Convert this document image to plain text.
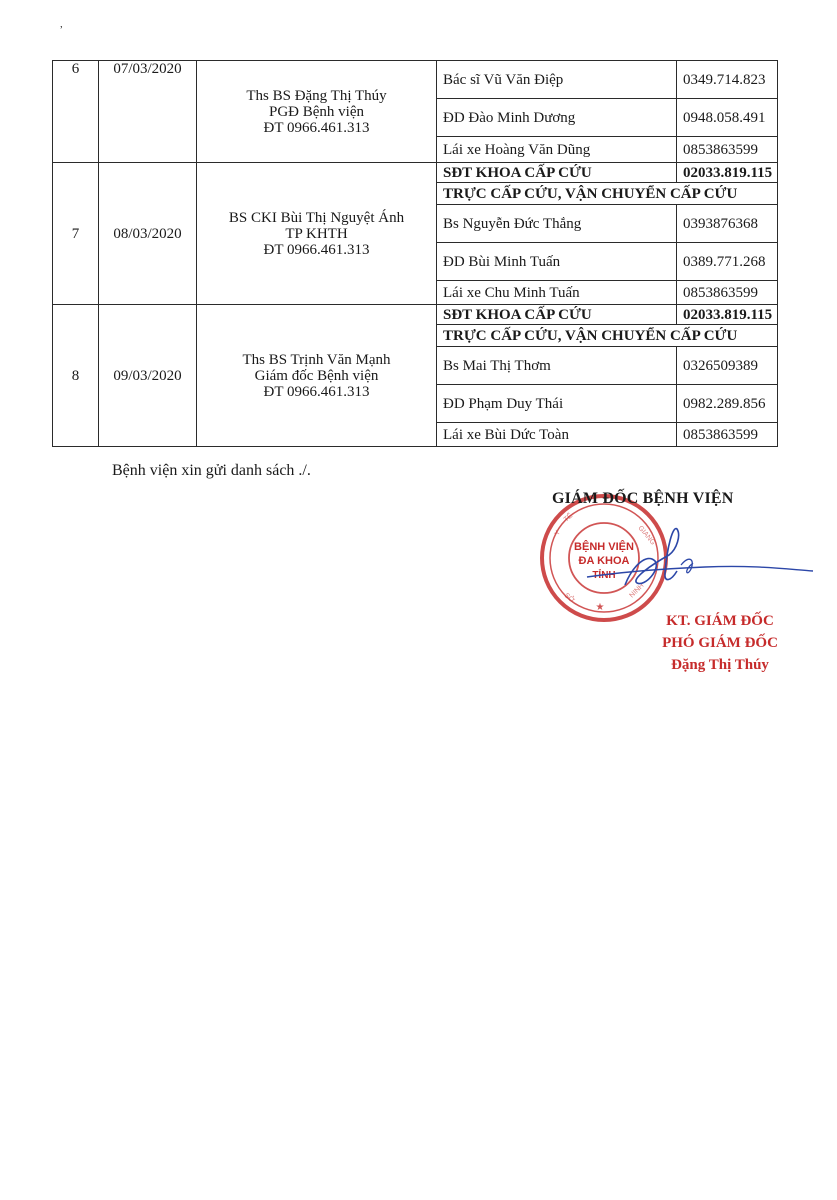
,
6	07/03/2020	Ths BS Đặng Thị Thúy
PGĐ Bệnh viện
ĐT 0966.461.313	Bác sĩ Vũ Văn Điệp	0349.714.823
			ĐD Đào Minh Dương	0948.058.491
			Lái xe Hoàng Văn Dũng	0853863599
7	08/03/2020	BS CKI Bùi Thị Nguyệt Ánh
TP KHTH
ĐT 0966.461.313	SĐT KHOA CẤP CỨU	02033.819.115
			TRỰC CẤP CỨU, VẬN CHUYỂN CẤP CỨU	
			Bs Nguyễn Đức Thắng	0393876368
			ĐD Bùi Minh Tuấn	0389.771.268
			Lái xe Chu Minh Tuấn	0853863599
8	09/03/2020	Ths BS Trịnh Văn Mạnh
Giám đốc Bệnh viện
ĐT 0966.461.313	SĐT KHOA CẤP CỨU	02033.819.115
			TRỰC CẤP CỨU, VẬN CHUYỂN CẤP CỨU	
			Bs Mai Thị Thơm	0326509389
			ĐD Phạm Duy Thái	0982.289.856
			Lái xe Bùi Dức Toàn	0853863599
Bệnh viện xin gửi danh sách ./.
Y
TẾ
GIANG
SỞ	NINH
★
BỆNH VIỆN
ĐA KHOA
TỈNH
GIÁM ĐỐC BỆNH VIỆN
KT. GIÁM ĐỐC
PHÓ GIÁM ĐỐC
Đặng Thị Thúy
